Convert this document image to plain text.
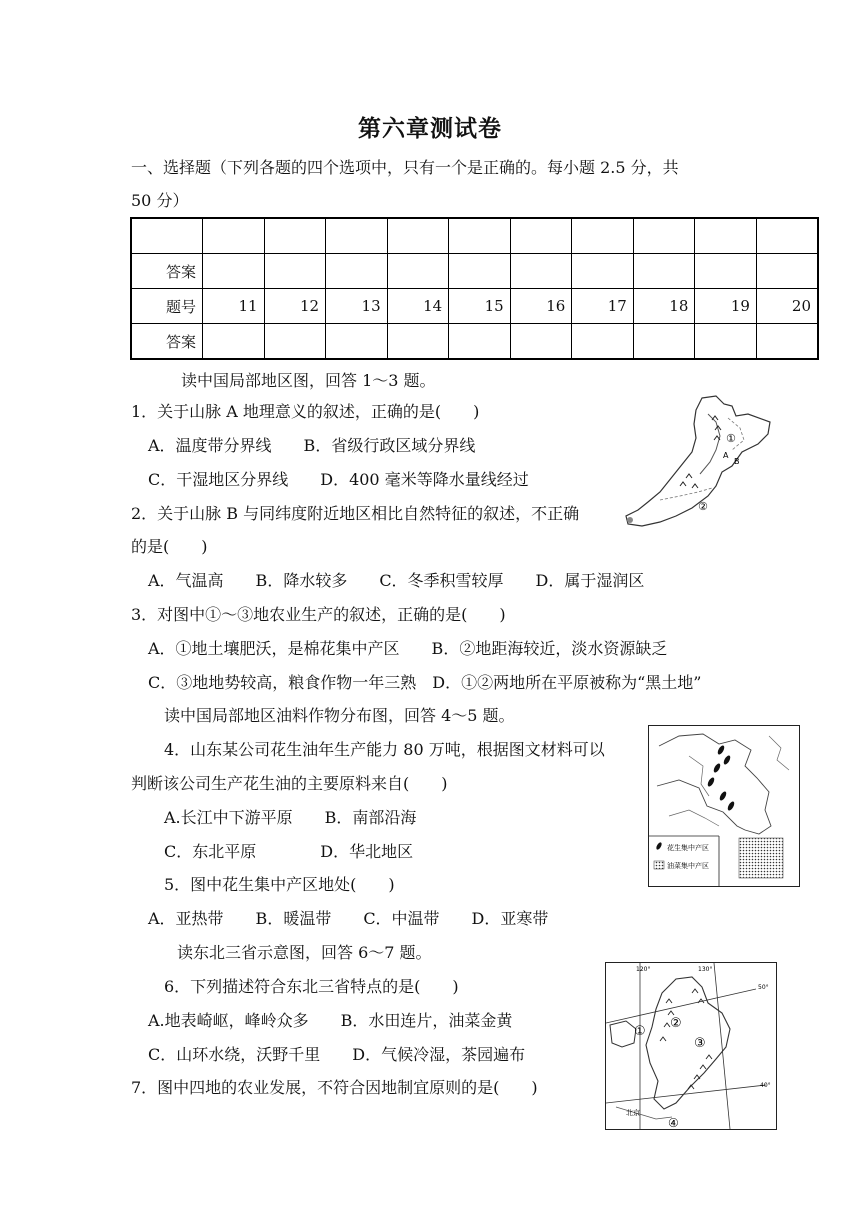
第六章测试卷
一、选择题（下列各题的四个选项中，只有一个是正确的。每小题 2.5 分，共
50 分）

答案										
题号	11	12	13	14	15	16	17	18	19	20
答案										
读中国局部地区图，回答 1～3 题。
1．关于山脉 A 地理意义的叙述，正确的是(　　)
A．温度带分界线　　B．省级行政区域分界线
C．干湿地区分界线　　D．400 毫米等降水量线经过
2．关于山脉 B 与同纬度附近地区相比自然特征的叙述，不正确
的是(　　)
A．气温高　　B．降水较多　　C．冬季积雪较厚　　D．属于湿润区
3．对图中①～③地农业生产的叙述，正确的是(　　)
A．①地土壤肥沃，是棉花集中产区　　B．②地距海较近，淡水资源缺乏
C．③地地势较高，粮食作物一年三熟　D．①②两地所在平原被称为“黑土地”
读中国局部地区油料作物分布图，回答 4～5 题。
4．山东某公司花生油年生产能力 80 万吨，根据图文材料可以
判断该公司生产花生油的主要原料来自(　　)
A.长江中下游平原　　B．南部沿海
C．东北平原　　　　D．华北地区
5．图中花生集中产区地处(　　)
A．亚热带　　B．暖温带　　C．中温带　　D．亚寒带
读东北三省示意图，回答 6～7 题。
6．下列描述符合东北三省特点的是(　　)
A.地表崎岖，峰岭众多　　B．水田连片，油菜金黄
C．山环水绕，沃野千里　　D．气候冷湿，茶园遍布
7．图中四地的农业发展，不符合因地制宜原则的是(　　)
①
A
B
②
花生集中产区
油菜集中产区
120°	130°
50°
40°
①
②
③
④
北京
